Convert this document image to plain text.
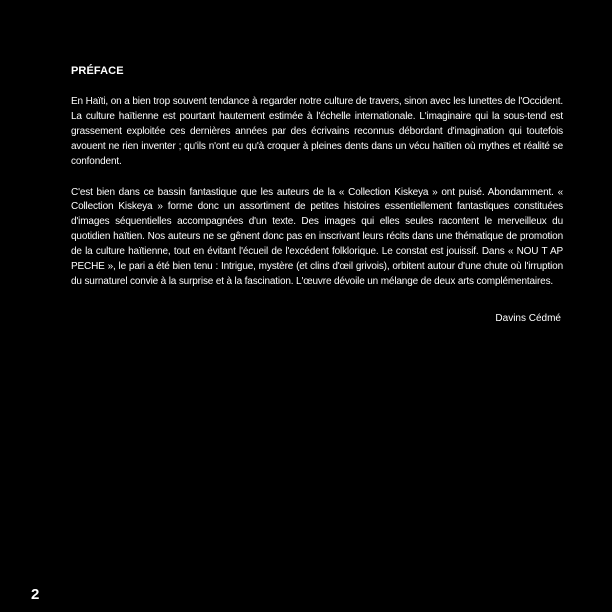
PRÉFACE

En Haïti, on a bien trop souvent tendance à regarder notre culture de travers, sinon avec les lunettes de l'Occident. La culture haïtienne est pourtant hautement estimée à l'échelle internationale. L'imaginaire qui la sous-tend est grassement exploitée ces dernières années par des écrivains reconnus débordant d'imagination qui toutefois avouent ne rien inventer ; qu'ils n'ont eu qu'à croquer à pleines dents dans un vécu haïtien où mythes et réalité se confondent.

C'est bien dans ce bassin fantastique que les auteurs de la « Collection Kiskeya » ont puisé. Abondamment. « Collection Kiskeya » forme donc un assortiment de petites histoires essentiellement fantastiques constituées d'images séquentielles accompagnées d'un texte. Des images qui elles seules racontent le merveilleux du quotidien haïtien. Nos auteurs ne se gênent donc pas en inscrivant leurs récits dans une thématique de promotion de la culture haïtienne, tout en évitant l'écueil de l'excédent folklorique. Le constat est jouissif. Dans « NOU T AP PECHE », le pari a été bien tenu : Intrigue, mystère (et clins d'œil grivois), orbitent autour d'une chute où l'irruption du surnaturel convie à la surprise et à la fascination. L'œuvre dévoile un mélange de deux arts complémentaires.

Davins Cédmé
2
